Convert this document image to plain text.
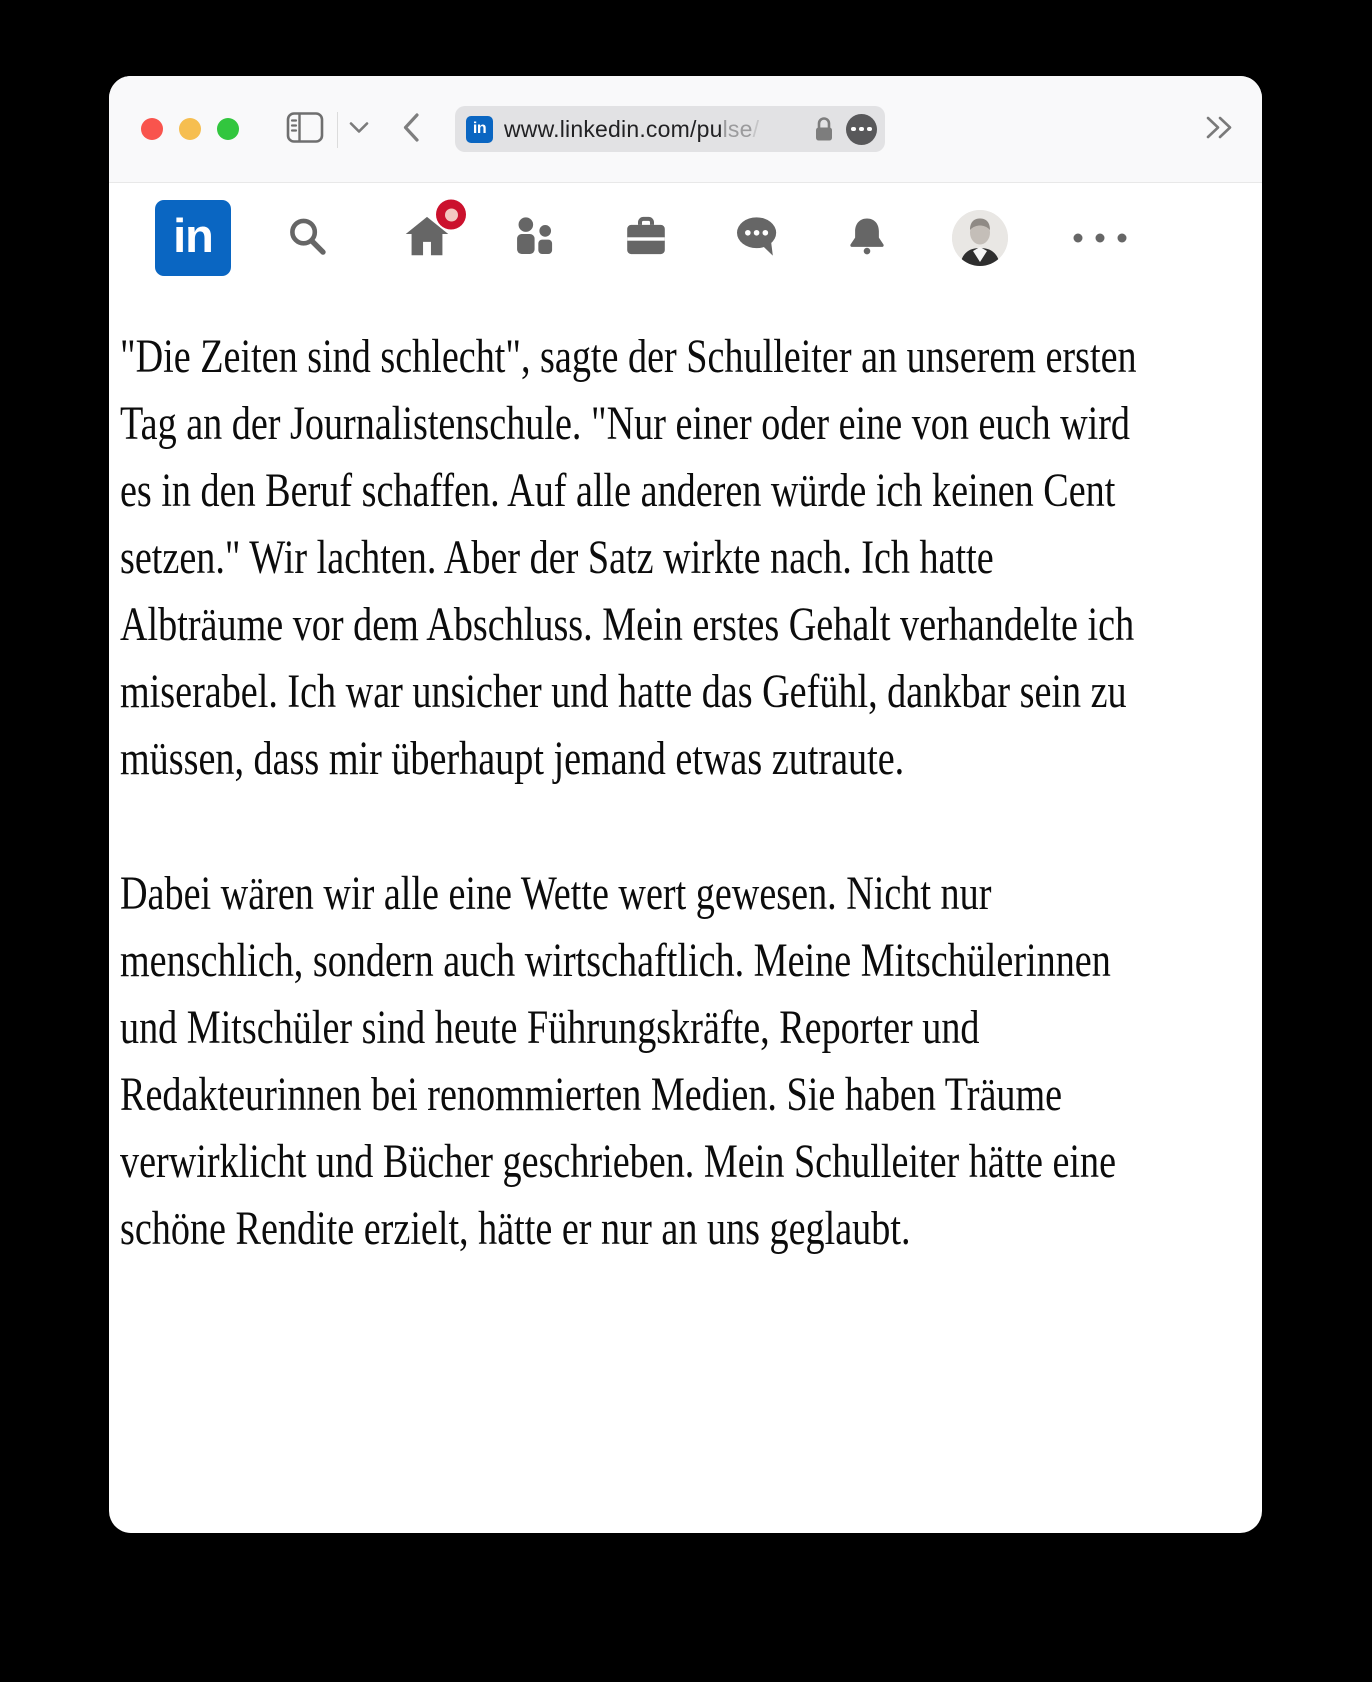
in www.linkedin.com/pulse/
in

"Die Zeiten sind schlecht", sagte der Schulleiter an unserem ersten Tag an der Journalistenschule. "Nur einer oder eine von euch wird es in den Beruf schaffen. Auf alle anderen würde ich keinen Cent setzen." Wir lachten. Aber der Satz wirkte nach. Ich hatte Albträume vor dem Abschluss. Mein erstes Gehalt verhandelte ich miserabel. Ich war unsicher und hatte das Gefühl, dankbar sein zu müssen, dass mir überhaupt jemand etwas zutraute.

Dabei wären wir alle eine Wette wert gewesen. Nicht nur menschlich, sondern auch wirtschaftlich. Meine Mitschülerinnen und Mitschüler sind heute Führungskräfte, Reporter und Redakteurinnen bei renommierten Medien. Sie haben Träume verwirklicht und Bücher geschrieben. Mein Schulleiter hätte eine schöne Rendite erzielt, hätte er nur an uns geglaubt.
